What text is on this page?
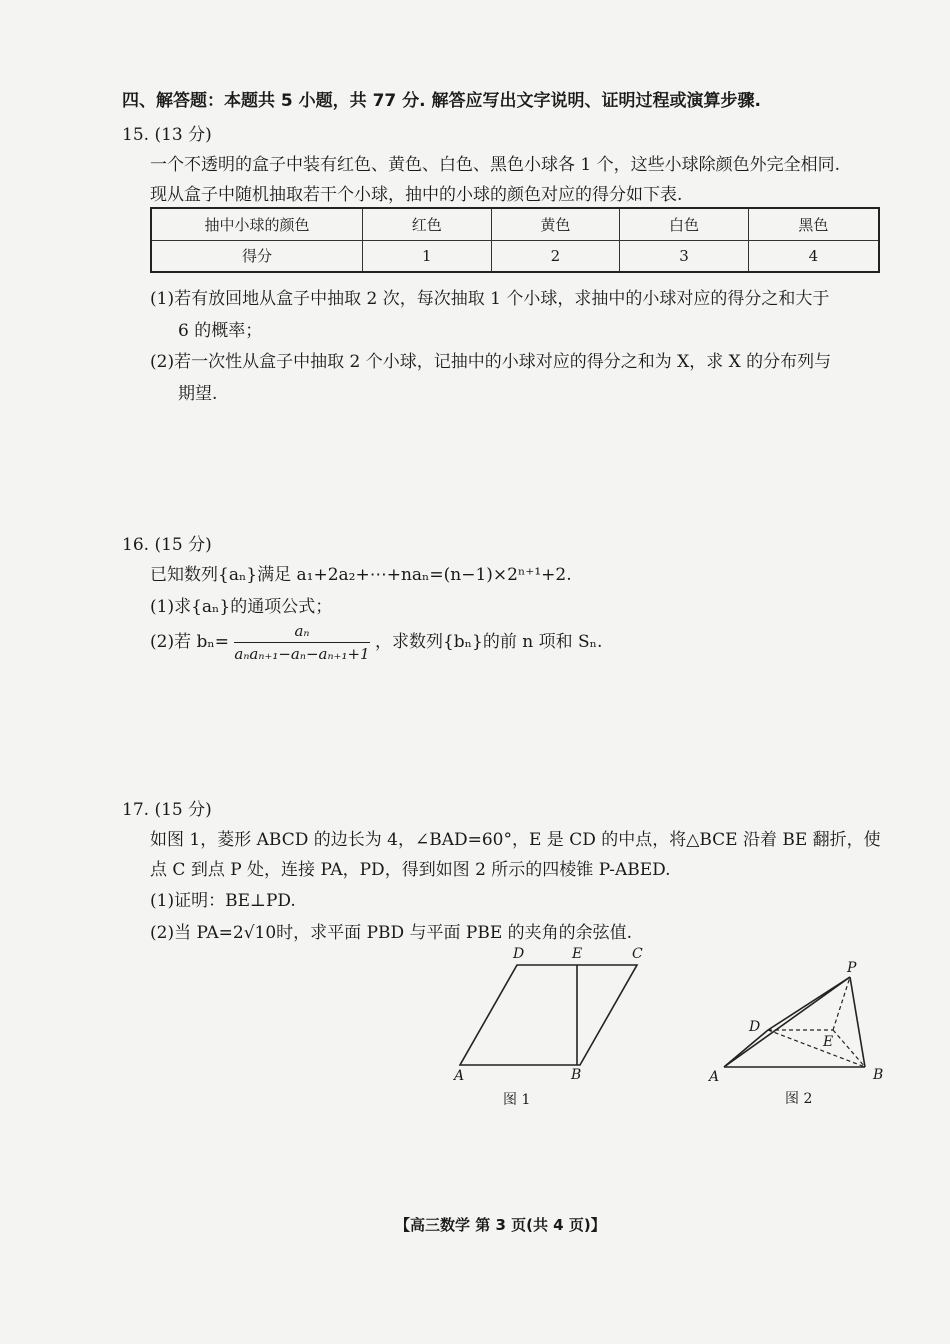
四、解答题：本题共 5 小题，共 77 分. 解答应写出文字说明、证明过程或演算步骤.
15. (13 分)
一个不透明的盒子中装有红色、黄色、白色、黑色小球各 1 个，这些小球除颜色外完全相同.
现从盒子中随机抽取若干个小球，抽中的小球的颜色对应的得分如下表.
抽中小球的颜色	红色	黄色	白色	黑色
得分	1	2	3	4
(1)若有放回地从盒子中抽取 2 次，每次抽取 1 个小球，求抽中的小球对应的得分之和大于
6 的概率；
(2)若一次性从盒子中抽取 2 个小球，记抽中的小球对应的得分之和为 X，求 X 的分布列与
期望.
16. (15 分)
已知数列{aₙ}满足 a₁+2a₂+⋯+naₙ=(n−1)×2ⁿ⁺¹+2.
(1)求{aₙ}的通项公式；
(2)若 $b_n= \frac{\text{aₙ}}{\text{aₙaₙ₊₁−aₙ−aₙ₊₁+1}}$ ，求数列{bₙ}的前 n 项和 Sₙ.
17. (15 分)
如图 1，菱形 ABCD 的边长为 4，∠BAD=60°，E 是 CD 的中点，将△BCE 沿着 BE 翻折，使
点 C 到点 P 处，连接 PA，PD，得到如图 2 所示的四棱锥 P-ABED.
(1)证明：BE⊥PD.
(2)当 PA=2√10时，求平面 PBD 与平面 PBE 的夹角的余弦值.
D	E	C
A	B
图 1
P
D
E
A	B
图 2
【高三数学 第 3 页(共 4 页)】
